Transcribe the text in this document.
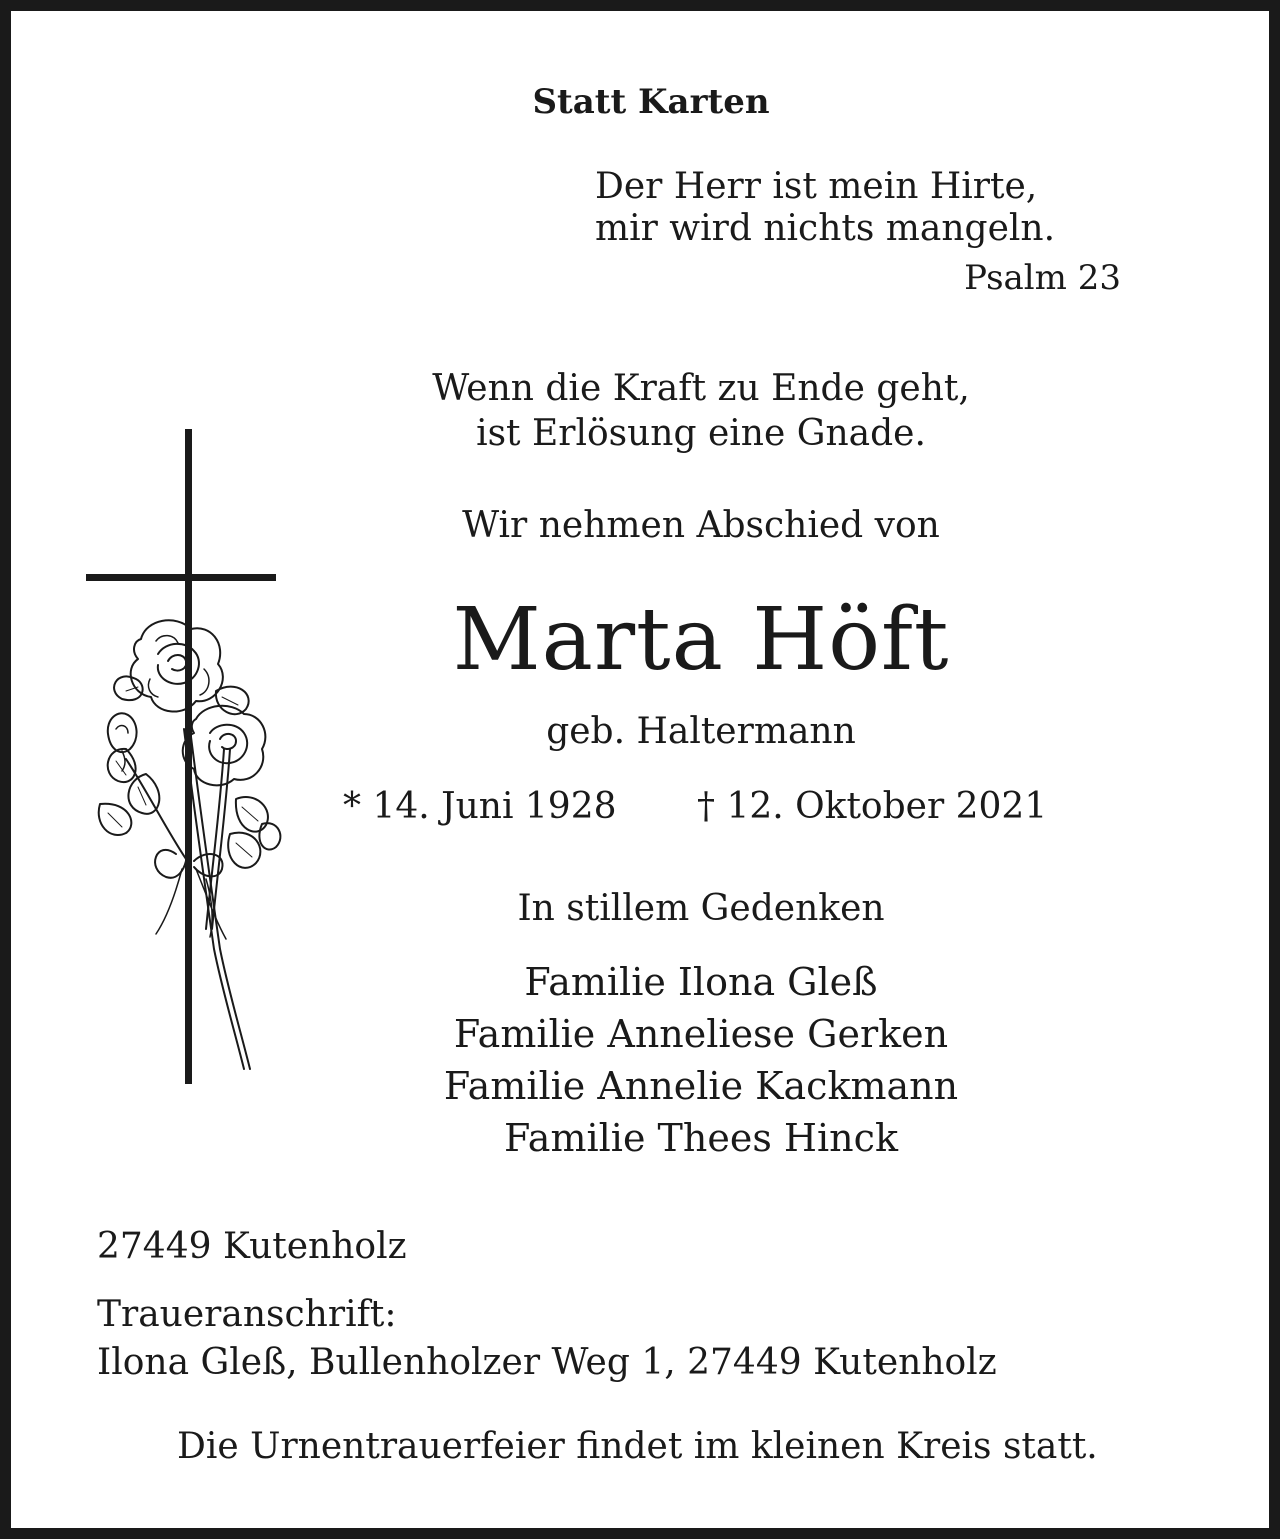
Statt Karten

Der Herr ist mein Hirte,

mir wird nichts mangeln.

Psalm 23

Wenn die Kraft zu Ende geht,

ist Erlösung eine Gnade.

Wir nehmen Abschied von

Marta Höft

geb. Haltermann

* 14. Juni 1928 † 12. Oktober 2021

In stillem Gedenken

Familie Ilona Gleß

Familie Anneliese Gerken

Familie Annelie Kackmann

Familie Thees Hinck

27449 Kutenholz

Traueranschrift:

Ilona Gleß, Bullenholzer Weg 1, 27449 Kutenholz

Die Urnentrauerfeier findet im kleinen Kreis statt.
